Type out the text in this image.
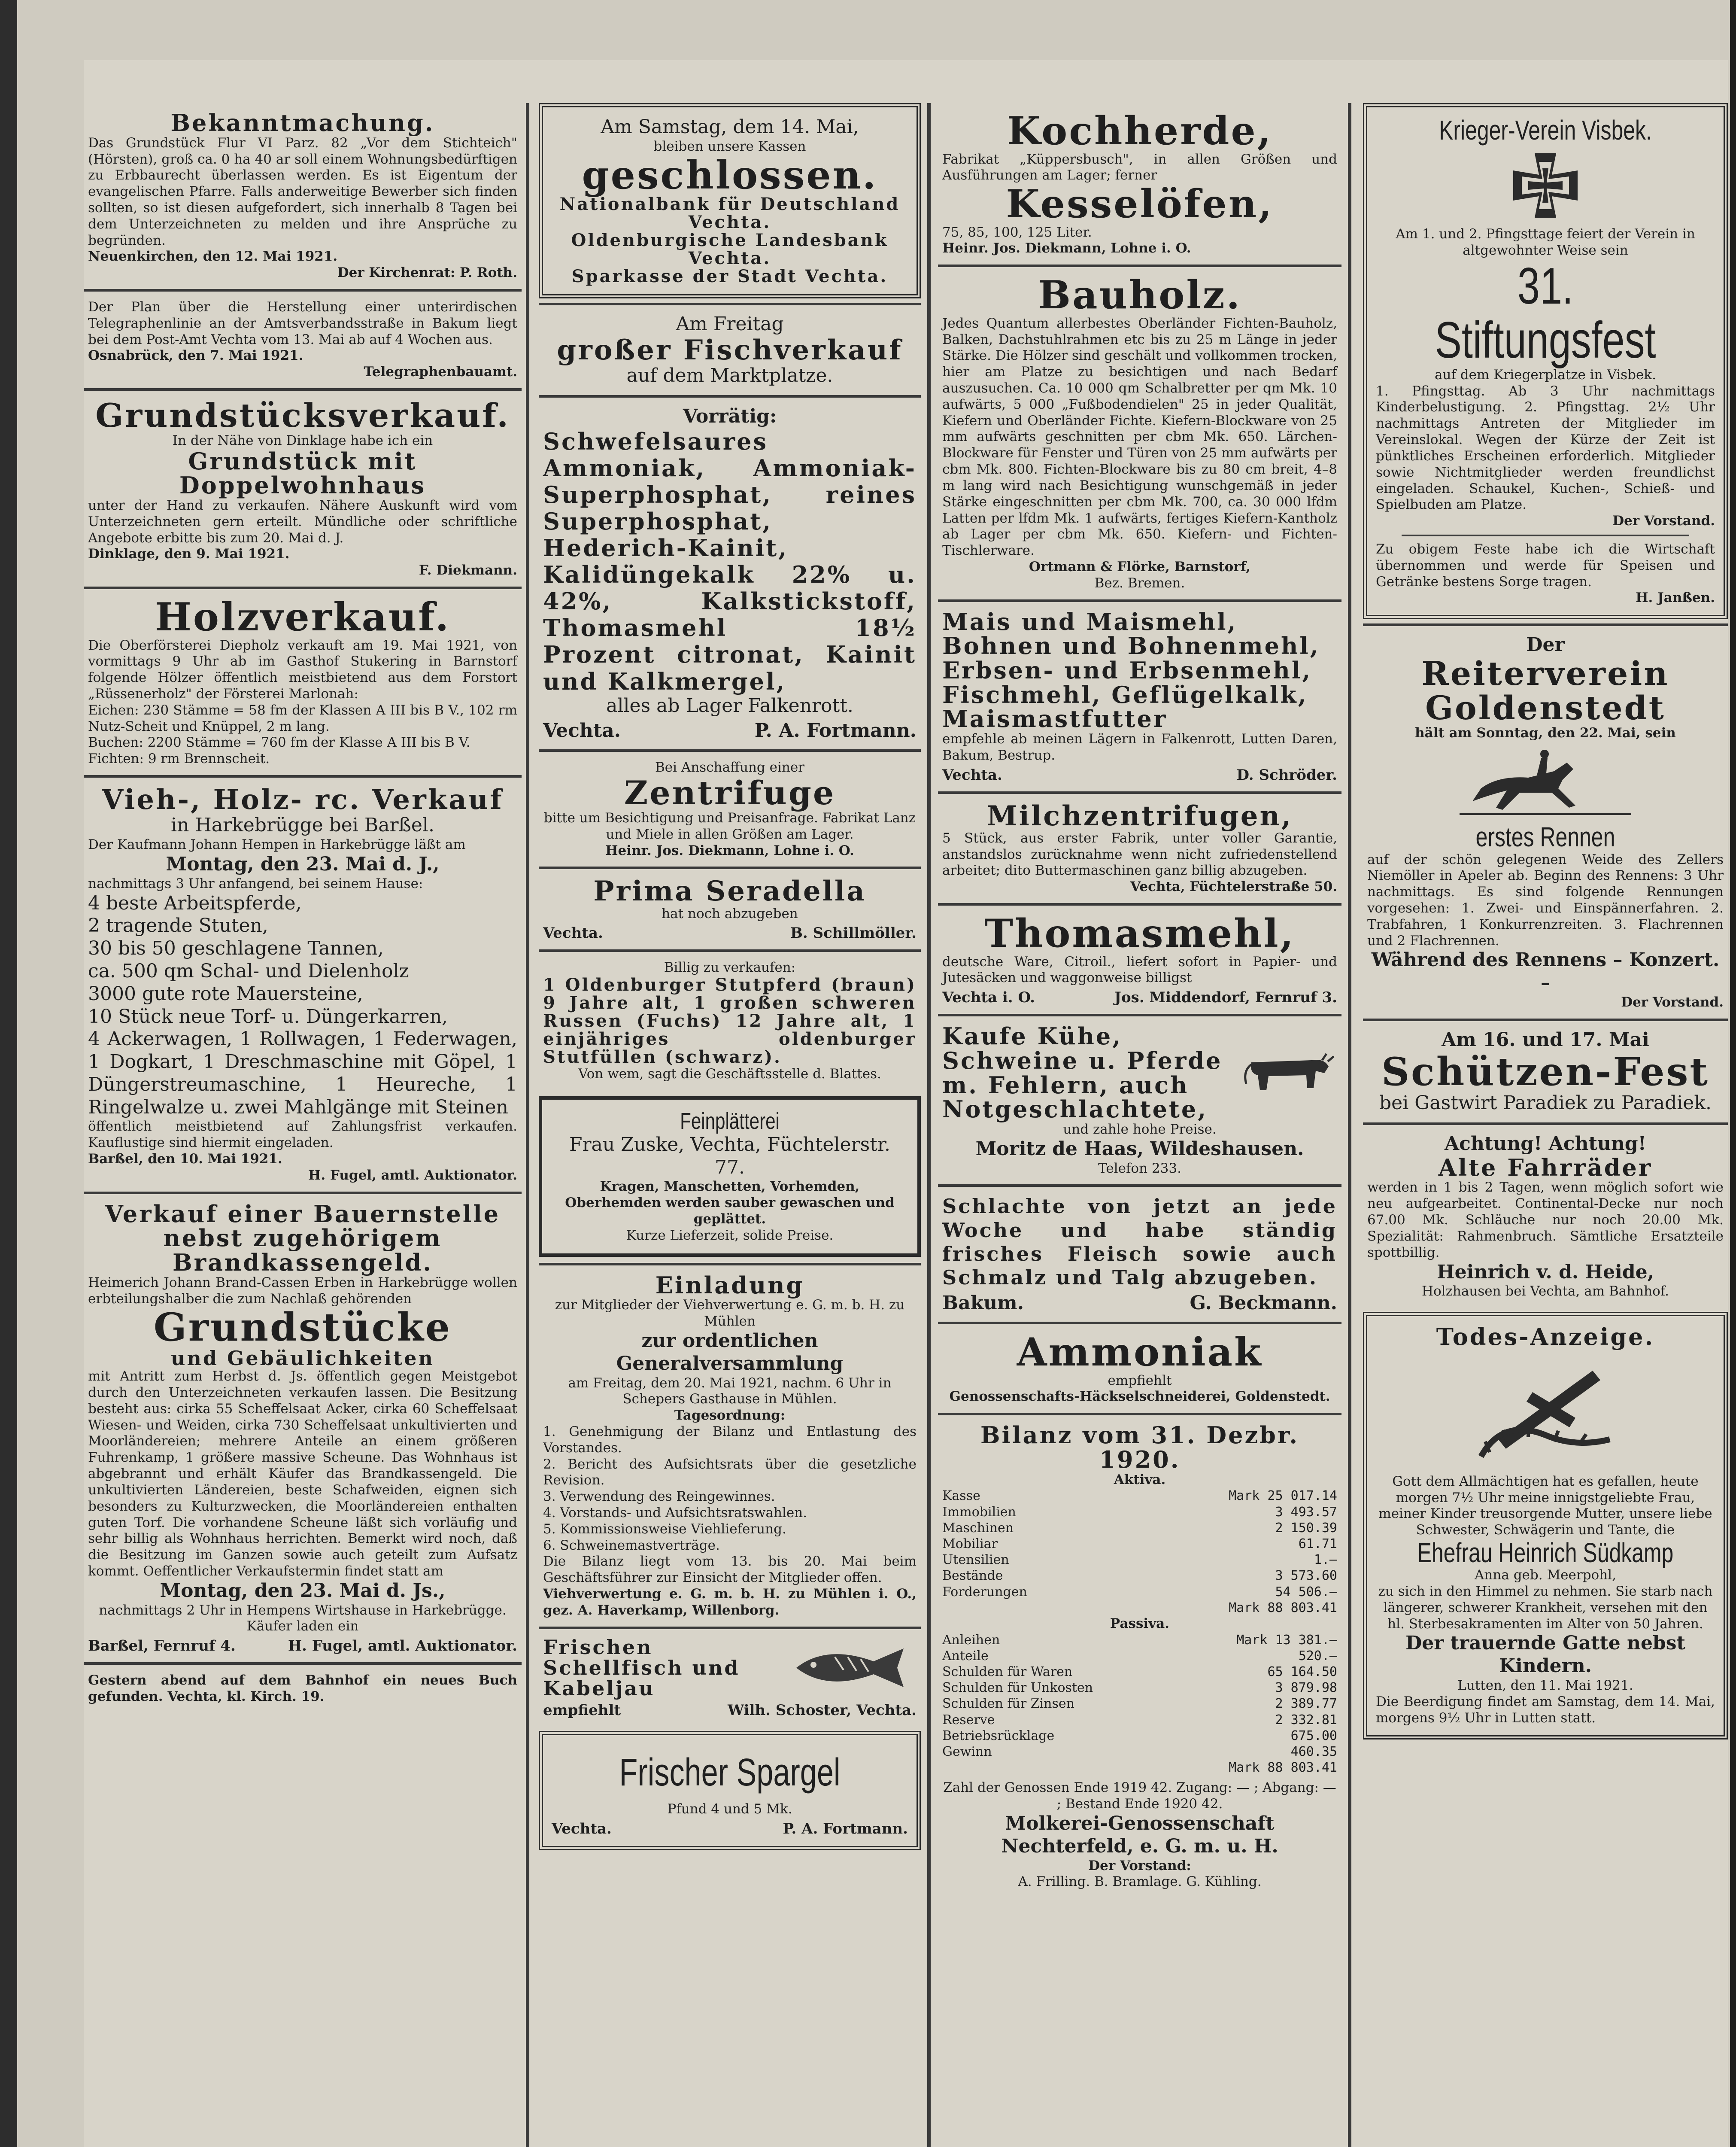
Bekanntmachung.
Das Grundstück Flur VI Parz. 82 „Vor dem Stichteich" (Hörsten), groß ca. 0 ha 40 ar soll einem Wohnungsbedürftigen zu Erbbaurecht überlassen werden. Es ist Eigentum der evangelischen Pfarre. Falls anderweitige Bewerber sich finden sollten, so ist diesen aufgefordert, sich innerhalb 8 Tagen bei dem Unterzeichneten zu melden und ihre Ansprüche zu begründen.
Neuenkirchen, den 12. Mai 1921.
Der Kirchenrat: P. Roth.
Der Plan über die Herstellung einer unterirdischen Telegraphenlinie an der Amtsverbandsstraße in Bakum liegt bei dem Post-Amt Vechta vom 13. Mai ab auf 4 Wochen aus.
Osnabrück, den 7. Mai 1921.
Telegraphenbauamt.
Grundstücksverkauf.
In der Nähe von Dinklage habe ich ein
Grundstück mit Doppelwohnhaus
unter der Hand zu verkaufen. Nähere Auskunft wird vom Unterzeichneten gern erteilt. Mündliche oder schriftliche Angebote erbitte bis zum 20. Mai d. J.
Dinklage, den 9. Mai 1921.
F. Diekmann.
Holzverkauf.
Die Oberförsterei Diepholz verkauft am 19. Mai 1921, von vormittags 9 Uhr ab im Gasthof Stukering in Barnstorf folgende Hölzer öffentlich meistbietend aus dem Forstort „Rüssenerholz" der Försterei Marlonah:
Eichen: 230 Stämme = 58 fm der Klassen A III bis B V., 102 rm Nutz-Scheit und Knüppel, 2 m lang.
Buchen: 2200 Stämme = 760 fm der Klasse A III bis B V.
Fichten: 9 rm Brennscheit.
Vieh-, Holz- rc. Verkauf
in Harkebrügge bei Barßel.
Der Kaufmann Johann Hempen in Harkebrügge läßt am
Montag, den 23. Mai d. J.,
nachmittags 3 Uhr anfangend, bei seinem Hause:
4 beste Arbeitspferde,
2 tragende Stuten,
30 bis 50 geschlagene Tannen,
ca. 500 qm Schal- und Dielenholz
3000 gute rote Mauersteine,
10 Stück neue Torf- u. Düngerkarren,
4 Ackerwagen, 1 Rollwagen, 1 Federwagen, 1 Dogkart, 1 Dreschmaschine mit Göpel, 1 Düngerstreumaschine, 1 Heureche, 1 Ringelwalze u. zwei Mahlgänge mit Steinen
öffentlich meistbietend auf Zahlungsfrist verkaufen. Kauflustige sind hiermit eingeladen.
Barßel, den 10. Mai 1921.
H. Fugel, amtl. Auktionator.
Verkauf einer Bauernstelle nebst zugehörigem Brandkassengeld.
Heimerich Johann Brand-Cassen Erben in Harkebrügge wollen erbteilungshalber die zum Nachlaß gehörenden
Grundstücke
und Gebäulichkeiten
mit Antritt zum Herbst d. Js. öffentlich gegen Meistgebot durch den Unterzeichneten verkaufen lassen. Die Besitzung besteht aus: cirka 55 Scheffelsaat Acker, cirka 60 Scheffelsaat Wiesen- und Weiden, cirka 730 Scheffelsaat unkultivierten und Moorländereien; mehrere Anteile an einem größeren Fuhrenkamp, 1 größere massive Scheune. Das Wohnhaus ist abgebrannt und erhält Käufer das Brandkassengeld. Die unkultivierten Ländereien, beste Schafweiden, eignen sich besonders zu Kulturzwecken, die Moorländereien enthalten guten Torf. Die vorhandene Scheune läßt sich vorläufig und sehr billig als Wohnhaus herrichten. Bemerkt wird noch, daß die Besitzung im Ganzen sowie auch geteilt zum Aufsatz kommt. Oeffentlicher Verkaufstermin findet statt am
Montag, den 23. Mai d. Js.,
nachmittags 2 Uhr in Hempens Wirtshause in Harkebrügge. Käufer laden ein
Barßel, Fernruf 4.	H. Fugel, amtl. Auktionator.
Gestern abend auf dem Bahnhof ein neues Buch gefunden. Vechta, kl. Kirch. 19.
Am Samstag, dem 14. Mai,
bleiben unsere Kassen
geschlossen.
Nationalbank für Deutschland Vechta.
Oldenburgische Landesbank Vechta.
Sparkasse der Stadt Vechta.
Am Freitag
großer Fischverkauf
auf dem Marktplatze.
Vorrätig:
Schwefelsaures Ammoniak, Ammoniak-Superphosphat, reines Superphosphat, Hederich-Kainit, Kalidüngekalk 22% u. 42%, Kalkstickstoff, Thomasmehl 18½ Prozent citronat, Kainit und Kalkmergel,
alles ab Lager Falkenrott.
Vechta.	P. A. Fortmann.
Bei Anschaffung einer
Zentrifuge
bitte um Besichtigung und Preisanfrage. Fabrikat Lanz und Miele in allen Größen am Lager.
Heinr. Jos. Diekmann, Lohne i. O.
Prima Seradella
hat noch abzugeben
Vechta.	B. Schillmöller.
Billig zu verkaufen:
1 Oldenburger Stutpferd (braun) 9 Jahre alt, 1 großen schweren Russen (Fuchs) 12 Jahre alt, 1 einjähriges oldenburger Stutfüllen (schwarz).
Von wem, sagt die Geschäftsstelle d. Blattes.
Feinplätterei
Frau Zuske, Vechta, Füchtelerstr. 77.
Kragen, Manschetten, Vorhemden, Oberhemden werden sauber gewaschen und geplättet.
Kurze Lieferzeit, solide Preise.
Einladung
zur Mitglieder der Viehverwertung e. G. m. b. H. zu Mühlen
zur ordentlichen Generalversammlung
am Freitag, dem 20. Mai 1921, nachm. 6 Uhr in Schepers Gasthause in Mühlen.
Tagesordnung:
1. Genehmigung der Bilanz und Entlastung des Vorstandes.
2. Bericht des Aufsichtsrats über die gesetzliche Revision.
3. Verwendung des Reingewinnes.
4. Vorstands- und Aufsichtsratswahlen.
5. Kommissionsweise Viehlieferung.
6. Schweinemastverträge.
Die Bilanz liegt vom 13. bis 20. Mai beim Geschäftsführer zur Einsicht der Mitglieder offen.
Viehverwertung e. G. m. b. H. zu Mühlen i. O., gez. A. Haverkamp, Willenborg.
Frischen Schellfisch und Kabeljau
empfiehlt	Wilh. Schoster, Vechta.
Frischer Spargel
Pfund 4 und 5 Mk.
Vechta.	P. A. Fortmann.
Kochherde,
Fabrikat „Küppersbusch", in allen Größen und Ausführungen am Lager; ferner
Kesselöfen,
75, 85, 100, 125 Liter.
Heinr. Jos. Diekmann, Lohne i. O.
Bauholz.
Jedes Quantum allerbestes Oberländer Fichten-Bauholz, Balken, Dachstuhlrahmen etc bis zu 25 m Länge in jeder Stärke. Die Hölzer sind geschält und vollkommen trocken, hier am Platze zu besichtigen und nach Bedarf auszusuchen. Ca. 10 000 qm Schalbretter per qm Mk. 10 aufwärts, 5 000 „Fußbodendielen" 25 in jeder Qualität, Kiefern und Oberländer Fichte. Kiefern-Blockware von 25 mm aufwärts geschnitten per cbm Mk. 650. Lärchen-Blockware für Fenster und Türen von 25 mm aufwärts per cbm Mk. 800. Fichten-Blockware bis zu 80 cm breit, 4–8 m lang wird nach Besichtigung wunschgemäß in jeder Stärke eingeschnitten per cbm Mk. 700, ca. 30 000 lfdm Latten per lfdm Mk. 1 aufwärts, fertiges Kiefern-Kantholz ab Lager per cbm Mk. 650. Kiefern- und Fichten-Tischlerware.
Ortmann & Flörke, Barnstorf,
Bez. Bremen.
Mais und Maismehl,
Bohnen und Bohnenmehl,
Erbsen- und Erbsenmehl,
Fischmehl, Geflügelkalk,
Maismastfutter
empfehle ab meinen Lägern in Falkenrott, Lutten Daren, Bakum, Bestrup.
Vechta.	D. Schröder.
Milchzentrifugen,
5 Stück, aus erster Fabrik, unter voller Garantie, anstandslos zurücknahme wenn nicht zufriedenstellend arbeitet; dito Buttermaschinen ganz billig abzugeben.
Vechta, Füchtelerstraße 50.
Thomasmehl,
deutsche Ware, Citroil., liefert sofort in Papier- und Jutesäcken und waggonweise billigst
Vechta i. O.	Jos. Middendorf, Fernruf 3.
Kaufe Kühe, Schweine u. Pferde m. Fehlern, auch Notgeschlachtete,
und zahle hohe Preise.
Moritz de Haas, Wildeshausen.
Telefon 233.
Schlachte von jetzt an jede Woche und habe ständig frisches Fleisch sowie auch Schmalz und Talg abzugeben.
Bakum.	G. Beckmann.
Ammoniak
empfiehlt
Genossenschafts-Häckselschneiderei, Goldenstedt.
Bilanz vom 31. Dezbr. 1920.
Aktiva.
Kasse	Mark 25 017.14
Immobilien	3 493.57
Maschinen	2 150.39
Mobiliar	61.71
Utensilien	1.—
Bestände	3 573.60
Forderungen	54 506.—
Mark 88 803.41
Passiva.
Anleihen	Mark 13 381.—
Anteile	520.—
Schulden für Waren	65 164.50
Schulden für Unkosten	3 879.98
Schulden für Zinsen	2 389.77
Reserve	2 332.81
Betriebsrücklage	675.00
Gewinn	460.35
Mark 88 803.41
Zahl der Genossen Ende 1919 42. Zugang: — ; Abgang: — ; Bestand Ende 1920 42.
Molkerei-Genossenschaft Nechterfeld, e. G. m. u. H.
Der Vorstand:
A. Frilling. B. Bramlage. G. Kühling.
Krieger-Verein Visbek.
Am 1. und 2. Pfingsttage feiert der Verein in altgewohnter Weise sein
31. Stiftungsfest
auf dem Kriegerplatze in Visbek.
1. Pfingsttag. Ab 3 Uhr nachmittags Kinderbelustigung. 2. Pfingsttag. 2½ Uhr nachmittags Antreten der Mitglieder im Vereinslokal. Wegen der Kürze der Zeit ist pünktliches Erscheinen erforderlich. Mitglieder sowie Nichtmitglieder werden freundlichst eingeladen. Schaukel, Kuchen-, Schieß- und Spielbuden am Platze.
Der Vorstand.
Zu obigem Feste habe ich die Wirtschaft übernommen und werde für Speisen und Getränke bestens Sorge tragen.
H. Janßen.
Der
Reiterverein Goldenstedt
hält am Sonntag, den 22. Mai, sein
erstes Rennen
auf der schön gelegenen Weide des Zellers Niemöller in Apeler ab. Beginn des Rennens: 3 Uhr nachmittags. Es sind folgende Rennungen vorgesehen: 1. Zwei- und Einspännerfahren. 2. Trabfahren, 1 Konkurrenzreiten. 3. Flachrennen und 2 Flachrennen.
Während des Rennens – Konzert. –
Der Vorstand.
Am 16. und 17. Mai
Schützen-Fest
bei Gastwirt Paradiek zu Paradiek.
Achtung! Achtung!
Alte Fahrräder
werden in 1 bis 2 Tagen, wenn möglich sofort wie neu aufgearbeitet. Continental-Decke nur noch 67.00 Mk. Schläuche nur noch 20.00 Mk. Spezialität: Rahmenbruch. Sämtliche Ersatzteile spottbillig.
Heinrich v. d. Heide,
Holzhausen bei Vechta, am Bahnhof.
Todes-Anzeige.
Gott dem Allmächtigen hat es gefallen, heute morgen 7½ Uhr meine innigstgeliebte Frau, meiner Kinder treusorgende Mutter, unsere liebe Schwester, Schwägerin und Tante, die
Ehefrau Heinrich Südkamp
Anna geb. Meerpohl,
zu sich in den Himmel zu nehmen. Sie starb nach längerer, schwerer Krankheit, versehen mit den hl. Sterbesakramenten im Alter von 50 Jahren.
Der trauernde Gatte nebst Kindern.
Lutten, den 11. Mai 1921.
Die Beerdigung findet am Samstag, dem 14. Mai, morgens 9½ Uhr in Lutten statt.
